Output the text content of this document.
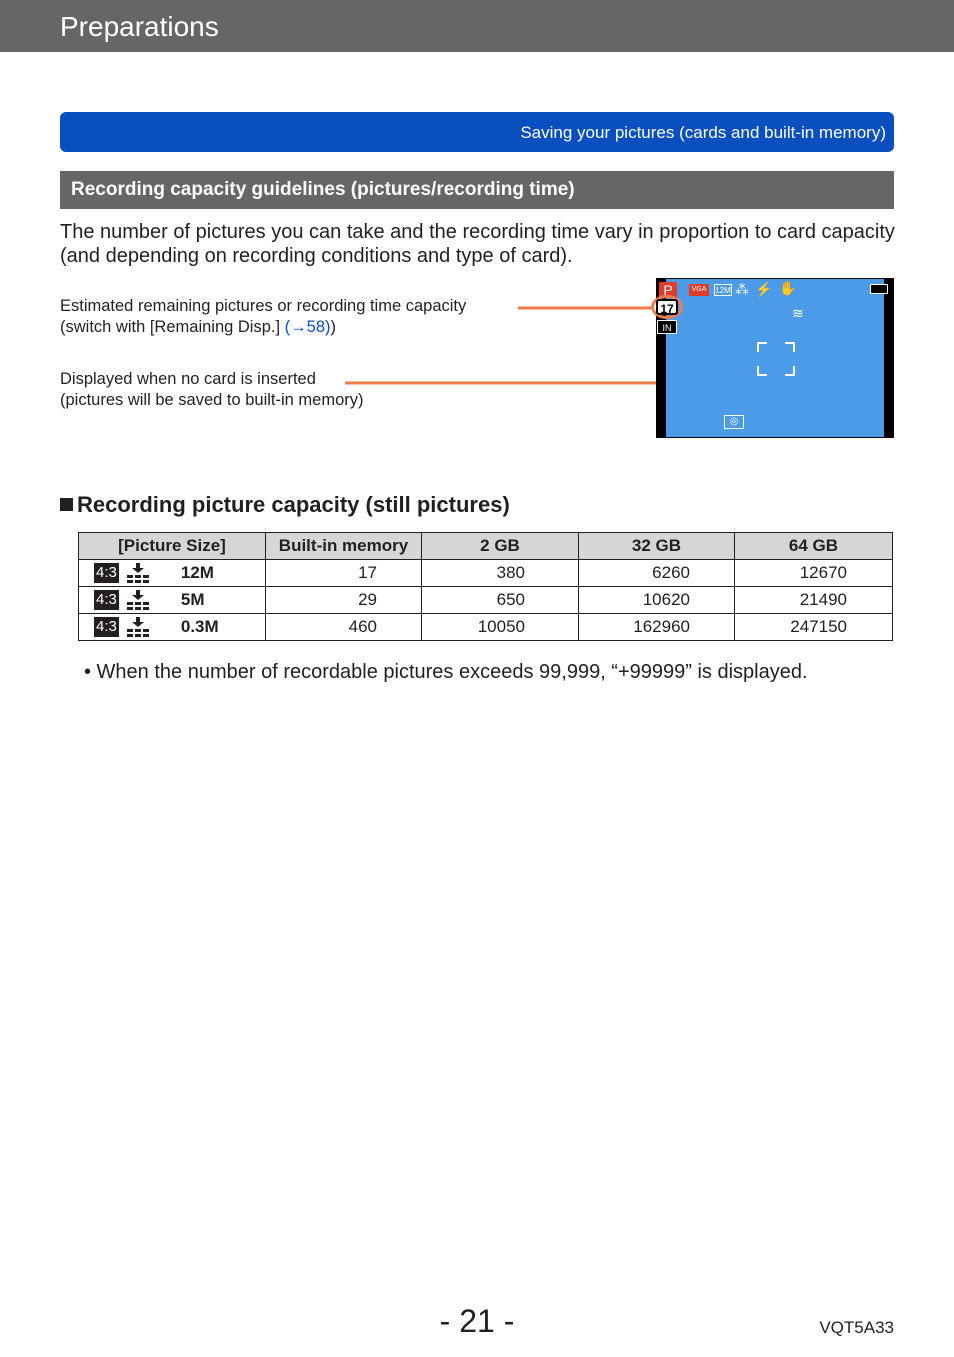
Preparations
Saving your pictures (cards and built-in memory)
Recording capacity guidelines (pictures/recording time)
The number of pictures you can take and the recording time vary in proportion to card capacity (and depending on recording conditions and type of card).
Estimated remaining pictures or recording time capacity
(switch with [Remaining Disp.] (→58))
Displayed when no card is inserted
(pictures will be saved to built-in memory)
P	VGA	12M ⁂ ⚡ ✋
≋
17
IN
◎
Recording picture capacity (still pictures)
[Picture Size]	Built-in memory	2 GB	32 GB	64 GB
4:3 12M	17	380	6260	12670
4:3 5M	29	650	10620	21490
4:3 0.3M	460	10050	162960	247150
• When the number of recordable pictures exceeds 99,999, “+99999” is displayed.
- 21 -	VQT5A33
